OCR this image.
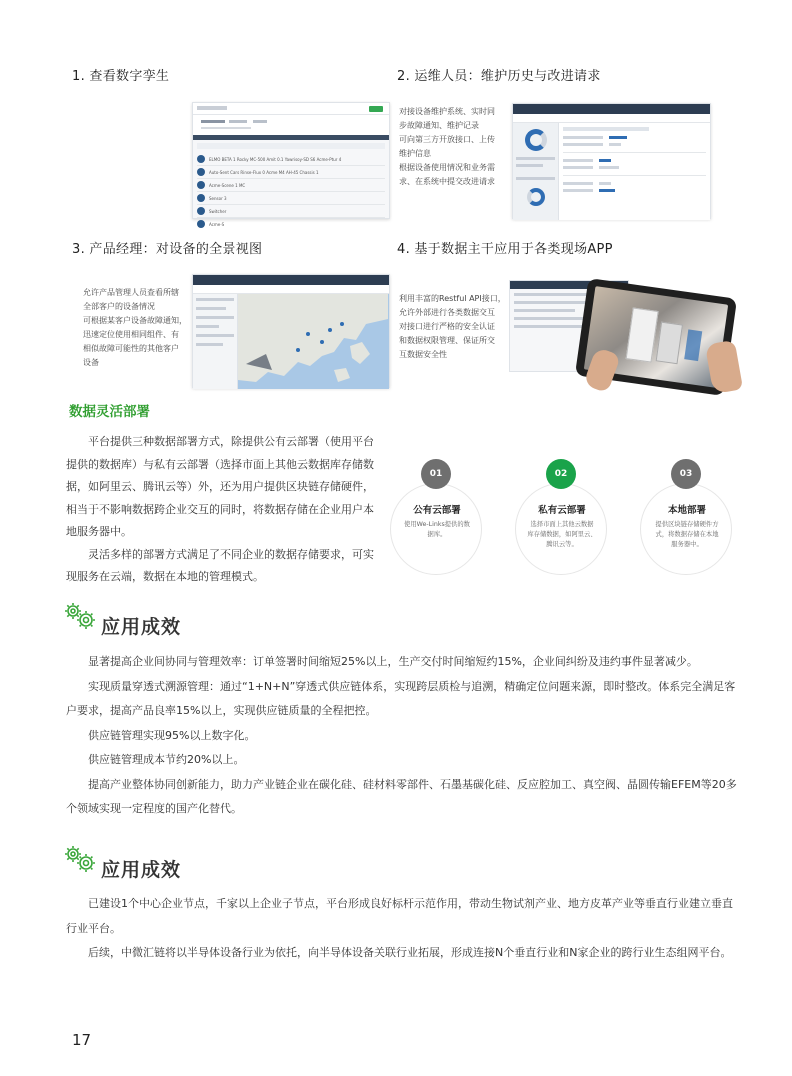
1. 查看数字孪生
ELMO BETA 1 Rocky MC-500 Amit 0.1 Yawrisoy-SD S6 Acme-Ptur 4
Auto-Sent Cars Rinse-Flux 0 Acme M4 AH-45 Chassis 1
Acme-Scene 1 MC
Sensor 3
Switcher
Acme-S
2. 运维人员：维护历史与改进请求
对接设备维护系统、实时同
步故障通知、维护记录
可向第三方开放接口、上传
维护信息
根据设备使用情况和业务需
求、在系统中提交改进请求
3. 产品经理：对设备的全景视图
允许产品管理人员查看所辖
全部客户的设备情况
可根据某客户设备故障通知，
迅速定位使用相同组件、有
相似故障可能性的其他客户
设备
4. 基于数据主干应用于各类现场APP
利用丰富的Restful API接口，
允许外部进行各类数据交互
对接口进行严格的安全认证
和数据权限管理、保证所交
互数据安全性
数据灵活部署

平台提供三种数据部署方式，除提供公有云部署（使用平台提供的数据库）与私有云部署（选择市面上其他云数据库存储数据，如阿里云、腾讯云等）外，还为用户提供区块链存储硬件，相当于不影响数据跨企业交互的同时，将数据存储在企业用户本地服务器中。

灵活多样的部署方式满足了不同企业的数据存储要求，可实现服务在云端，数据在本地的管理模式。

01
公有云部署
使用We-Links提供的数
据库。
02
私有云部署
选择市面上其他云数据
库存储数据，如阿里云、
腾讯云等。
03
本地部署
提供区块链存储硬件方
式，将数据存储在本地
服务器中。
应用成效

显著提高企业间协同与管理效率：订单签署时间缩短25%以上，生产交付时间缩短约15%，企业间纠纷及违约事件显著减少。

实现质量穿透式溯源管理：通过“1+N+N”穿透式供应链体系，实现跨层质检与追溯，精确定位问题来源，即时整改。体系完全满足客户要求，提高产品良率15%以上，实现供应链质量的全程把控。

供应链管理实现95%以上数字化。

供应链管理成本节约20%以上。

提高产业整体协同创新能力，助力产业链企业在碳化硅、硅材料零部件、石墨基碳化硅、反应腔加工、真空阀、晶圆传输EFEM等20多个领域实现一定程度的国产化替代。

应用成效

已建设1个中心企业节点，千家以上企业子节点，平台形成良好标杆示范作用，带动生物试剂产业、地方皮革产业等垂直行业建立垂直行业平台。

后续，中微汇链将以半导体设备行业为依托，向半导体设备关联行业拓展，形成连接N个垂直行业和N家企业的跨行业生态组网平台。

17
